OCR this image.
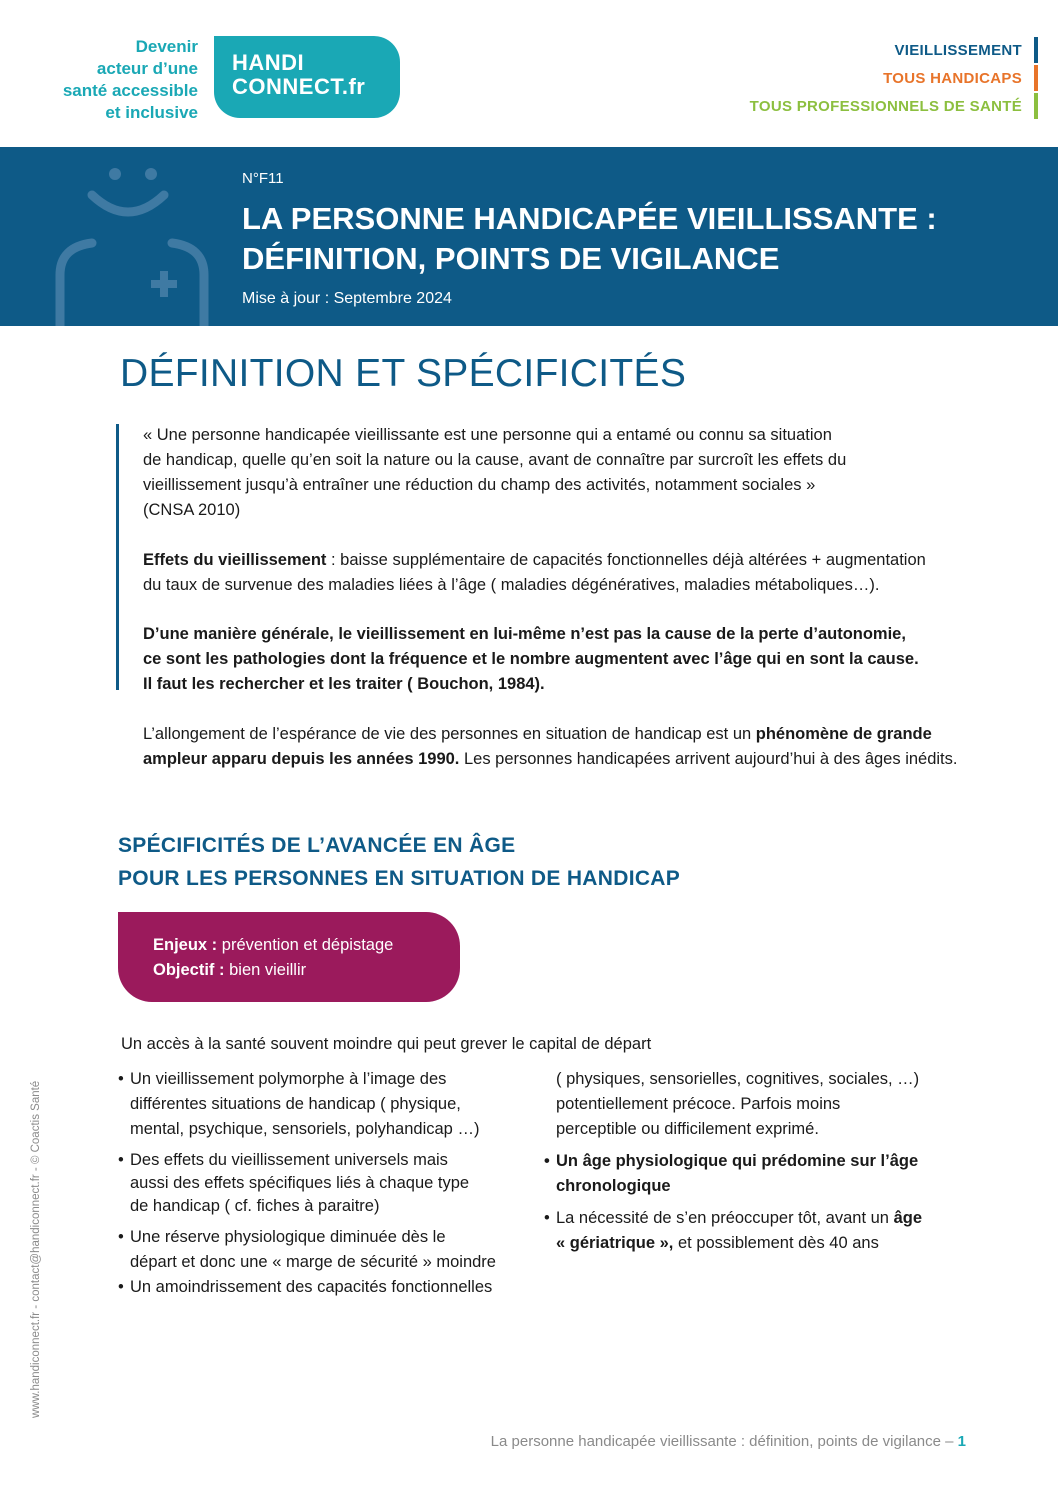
Devenir
acteur d’une
santé accessible
et inclusive
HANDI
CONNECT.fr
VIEILLISSEMENT
TOUS HANDICAPS
TOUS PROFESSIONNELS DE SANTÉ
N°F11
LA PERSONNE HANDICAPÉE VIEILLISSANTE :
DÉFINITION, POINTS DE VIGILANCE
Mise à jour : Septembre 2024
DÉFINITION ET SPÉCIFICITÉS
« Une personne handicapée vieillissante est une personne qui a entamé ou connu sa situation
de handicap, quelle qu’en soit la nature ou la cause, avant de connaître par surcroît les effets du
vieillissement jusqu’à entraîner une réduction du champ des activités, notamment sociales »
(CNSA 2010)
Effets du vieillissement : baisse supplémentaire de capacités fonctionnelles déjà altérées + augmentation
du taux de survenue des maladies liées à l’âge ( maladies dégénératives, maladies métaboliques…).
D’une manière générale, le vieillissement en lui-même n’est pas la cause de la perte d’autonomie,
ce sont les pathologies dont la fréquence et le nombre augmentent avec l’âge qui en sont la cause.
Il faut les rechercher et les traiter ( Bouchon, 1984).
L’allongement de l’espérance de vie des personnes en situation de handicap est un phénomène de grande
ampleur apparu depuis les années 1990. Les personnes handicapées arrivent aujourd’hui à des âges inédits.
SPÉCIFICITÉS DE L’AVANCÉE EN ÂGE
POUR LES PERSONNES EN SITUATION DE HANDICAP
Enjeux : prévention et dépistage
Objectif : bien vieillir
Un accès à la santé souvent moindre qui peut grever le capital de départ
• Un vieillissement polymorphe à l’image des
différentes situations de handicap ( physique,
mental, psychique, sensoriels, polyhandicap …)
• Des effets du vieillissement universels mais
aussi des effets spécifiques liés à chaque type
de handicap ( cf. fiches à paraitre)
• Une réserve physiologique diminuée dès le
départ et donc une « marge de sécurité » moindre
• Un amoindrissement des capacités fonctionnelles
( physiques, sensorielles, cognitives, sociales, …)
potentiellement précoce. Parfois moins
perceptible ou difficilement exprimé.
• Un âge physiologique qui prédomine sur l’âge
chronologique
• La nécessité de s’en préoccuper tôt, avant un âge
« gériatrique », et possiblement dès 40 ans
www.handiconnect.fr - contact@handiconnect.fr - © Coactis Santé
La personne handicapée vieillissante : définition, points de vigilance – 1
